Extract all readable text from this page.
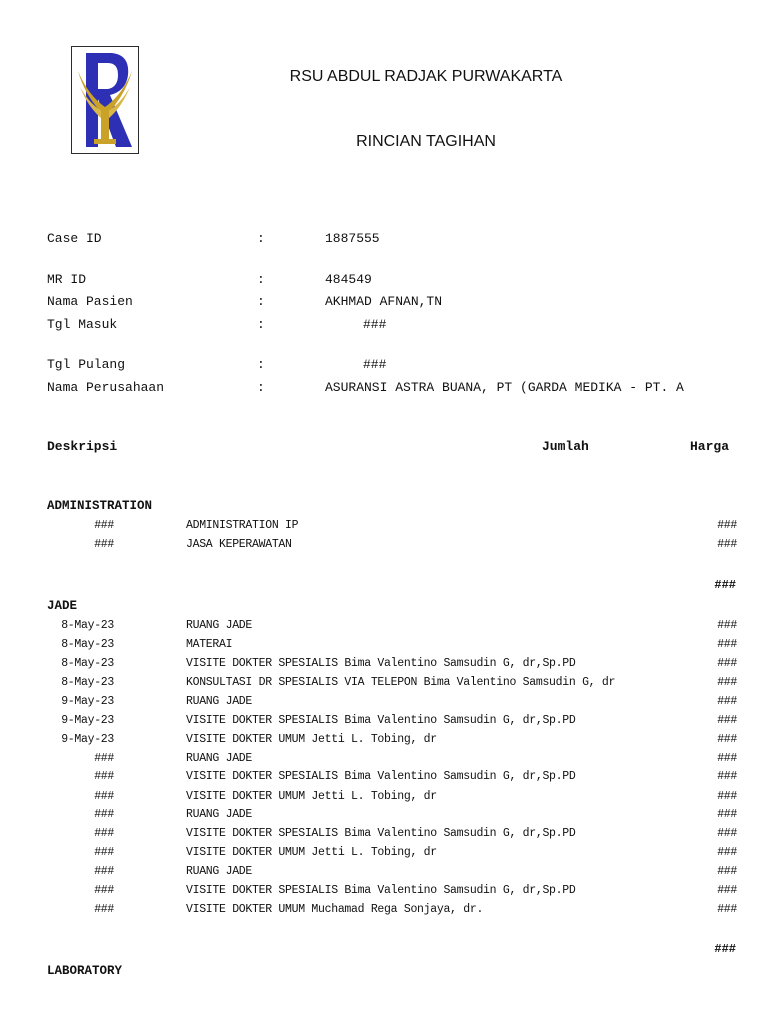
RSU ABDUL RADJAK PURWAKARTA
RINCIAN TAGIHAN
Case ID	:	1887555
MR ID	:	484549
Nama Pasien	:	AKHMAD AFNAN,TN
Tgl Masuk	:	###
Tgl Pulang	:	###
Nama Perusahaan	:	ASURANSI ASTRA BUANA, PT (GARDA MEDIKA - PT. A
Deskripsi	Jumlah	Harga
ADMINISTRATION
###	ADMINISTRATION IP	###
###	JASA KEPERAWATAN	###
###
JADE
8-May-23	RUANG JADE	###
8-May-23	MATERAI	###
8-May-23	VISITE DOKTER SPESIALIS Bima Valentino Samsudin G, dr,Sp.PD	###
8-May-23	KONSULTASI DR SPESIALIS VIA TELEPON Bima Valentino Samsudin G, dr	###
9-May-23	RUANG JADE	###
9-May-23	VISITE DOKTER SPESIALIS Bima Valentino Samsudin G, dr,Sp.PD	###
9-May-23	VISITE DOKTER UMUM Jetti L. Tobing, dr	###
###	RUANG JADE	###
###	VISITE DOKTER SPESIALIS Bima Valentino Samsudin G, dr,Sp.PD	###
###	VISITE DOKTER UMUM Jetti L. Tobing, dr	###
###	RUANG JADE	###
###	VISITE DOKTER SPESIALIS Bima Valentino Samsudin G, dr,Sp.PD	###
###	VISITE DOKTER UMUM Jetti L. Tobing, dr	###
###	RUANG JADE	###
###	VISITE DOKTER SPESIALIS Bima Valentino Samsudin G, dr,Sp.PD	###
###	VISITE DOKTER UMUM Muchamad Rega Sonjaya, dr.	###
###
LABORATORY
